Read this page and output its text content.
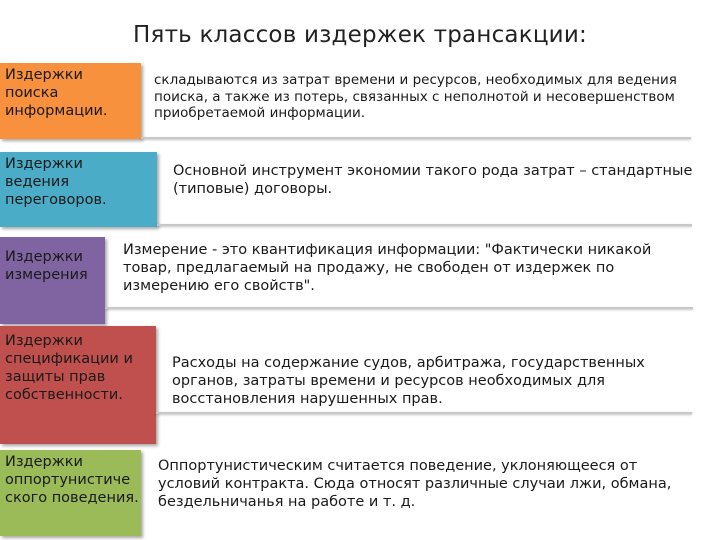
Пять классов издержек трансакции:
Издержки
поиска
информации.
складываются из затрат времени и ресурсов, необходимых для ведения
поиска, а также из потерь, связанных с неполнотой и несовершенством
приобретаемой информации.
Издержки
ведения
переговоров.
Основной инструмент экономии такого рода затрат – стандартные
(типовые) договоры.
Издержки
измерения
Измерение - это квантификация информации: "Фактически никакой
товар, предлагаемый на продажу, не свободен от издержек по
измерению его свойств".
Издержки
спецификации и
защиты прав
собственности.
Расходы на содержание судов, арбитража, государственных
органов, затраты времени и ресурсов необходимых для
восстановления нарушенных прав.
Издержки
оппортунистиче
ского поведения.
Оппортунистическим считается поведение, уклоняющееся от
условий контракта. Сюда относят различные случаи лжи, обмана,
бездельничанья на работе и т. д.
